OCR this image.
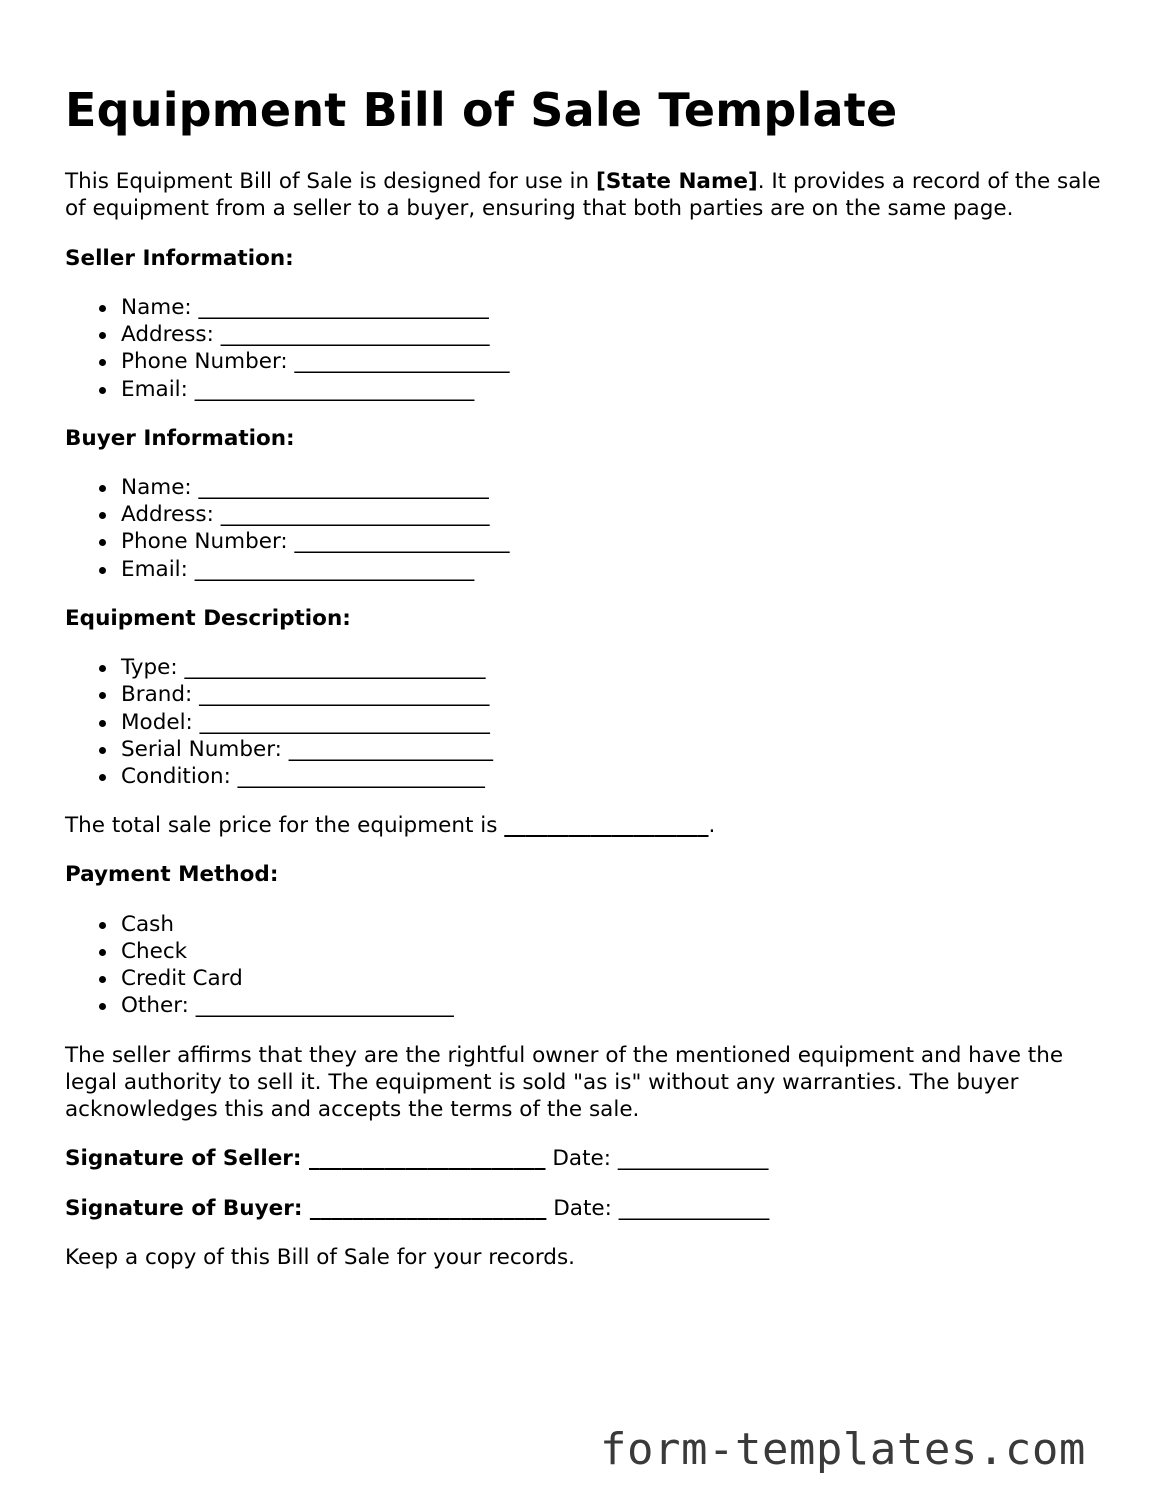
Equipment Bill of Sale Template

This Equipment Bill of Sale is designed for use in [State Name]. It provides a record of the sale of equipment from a seller to a buyer, ensuring that both parties are on the same page.

Seller Information:

Name: ___________________________
Address: _________________________
Phone Number: ____________________
Email: __________________________

Buyer Information:

Name: ___________________________
Address: _________________________
Phone Number: ____________________
Email: __________________________

Equipment Description:

Type: ____________________________
Brand: ___________________________
Model: ___________________________
Serial Number: ___________________
Condition: _______________________

The total sale price for the equipment is ___________________.

Payment Method:

Cash
Check
Credit Card
Other: ________________________

The seller affirms that they are the rightful owner of the mentioned equipment and have the legal authority to sell it. The equipment is sold "as is" without any warranties. The buyer acknowledges this and accepts the terms of the sale.

Signature of Seller: ______________________ Date: ______________

Signature of Buyer: ______________________ Date: ______________

Keep a copy of this Bill of Sale for your records.

form-templates.com
